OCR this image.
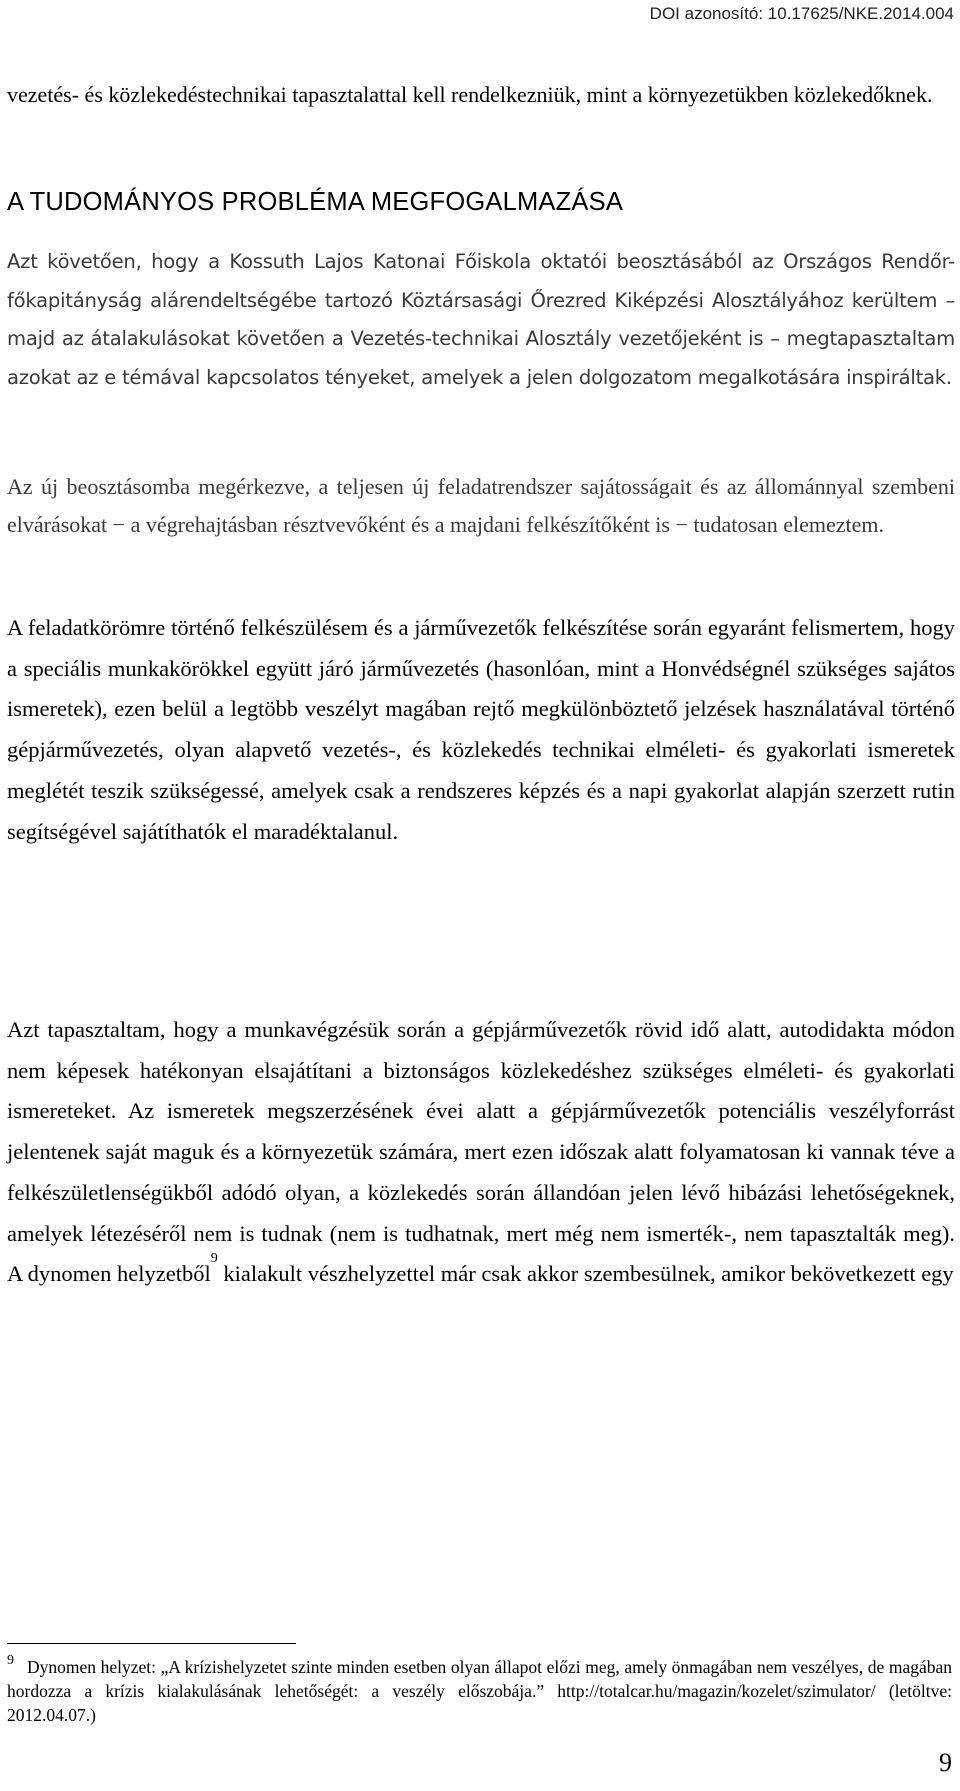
DOI azonosító: 10.17625/NKE.2014.004

vezetés- és közlekedéstechnikai tapasztalattal kell rendelkezniük, mint a környezetükben közlekedőknek.

A TUDOMÁNYOS PROBLÉMA MEGFOGALMAZÁSA

Azt követően, hogy a Kossuth Lajos Katonai Főiskola oktatói beosztásából az Országos Rendőr-főkapitányság alárendeltségébe tartozó Köztársasági Őrezred Kiképzési Alosztályához kerültem – majd az átalakulásokat követően a Vezetés-technikai Alosztály vezetőjeként is – megtapasztaltam azokat az e témával kapcsolatos tényeket, amelyek a jelen dolgozatom megalkotására inspiráltak.

Az új beosztásomba megérkezve, a teljesen új feladatrendszer sajátosságait és az állománnyal szembeni elvárásokat − a végrehajtásban résztvevőként és a majdani felkészítőként is − tudatosan elemeztem.

A feladatkörömre történő felkészülésem és a járművezetők felkészítése során egyaránt felismertem, hogy a speciális munkakörökkel együtt járó járművezetés (hasonlóan, mint a Honvédségnél szükséges sajátos ismeretek), ezen belül a legtöbb veszélyt magában rejtő megkülönböztető jelzések használatával történő gépjárművezetés, olyan alapvető vezetés-, és közlekedés technikai elméleti- és gyakorlati ismeretek meglétét teszik szükségessé, amelyek csak a rendszeres képzés és a napi gyakorlat alapján szerzett rutin segítségével sajátíthatók el maradéktalanul.

Azt tapasztaltam, hogy a munkavégzésük során a gépjárművezetők rövid idő alatt, autodidakta módon nem képesek hatékonyan elsajátítani a biztonságos közlekedéshez szükséges elméleti- és gyakorlati ismereteket. Az ismeretek megszerzésének évei alatt a gépjárművezetők potenciális veszélyforrást jelentenek saját maguk és a környezetük számára, mert ezen időszak alatt folyamatosan ki vannak téve a felkészületlenségükből adódó olyan, a közlekedés során állandóan jelen lévő hibázási lehetőségeknek, amelyek létezéséről nem is tudnak (nem is tudhatnak, mert még nem ismerték-, nem tapasztalták meg). A dynomen helyzetből$^9$ kialakult vészhelyzettel már csak akkor szembesülnek, amikor bekövetkezett egy

9 Dynomen helyzet: „A krízishelyzetet szinte minden esetben olyan állapot előzi meg, amely önmagában nem veszélyes, de magában hordozza a krízis kialakulásának lehetőségét: a veszély előszobája.” http://totalcar.hu/magazin/kozelet/szimulator/ (letöltve: 2012.04.07.)

9
